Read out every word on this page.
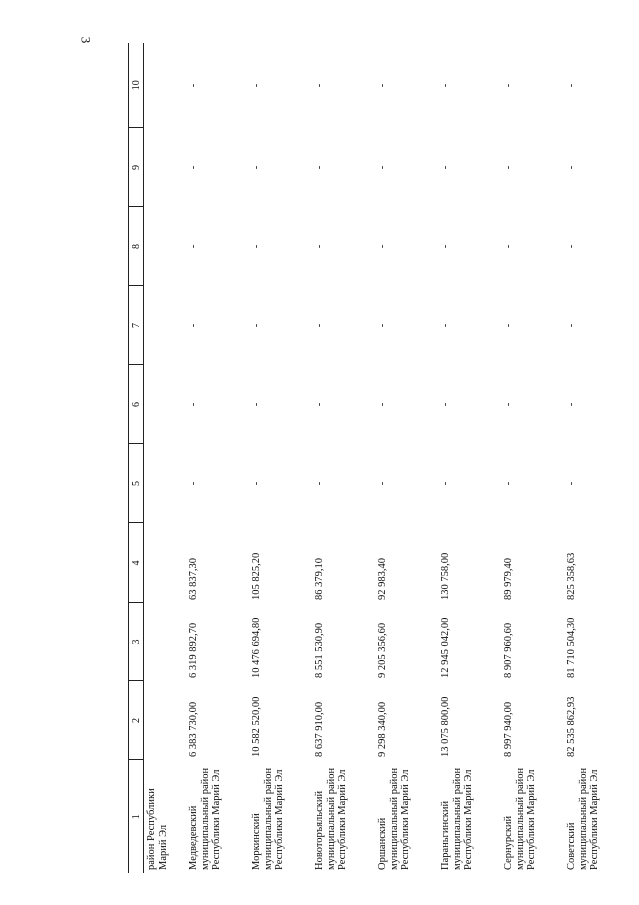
3
1	2	3	4	5	6	7	8	9	10
район Республики Марий Эл									
Медведевский муниципальный район Республики Марий Эл	6 383 730,00	6 319 892,70	63 837,30	-	-	-	-	-	-
Моркинский муниципальный район Республики Марий Эл	10 582 520,00	10 476 694,80	105 825,20	-	-	-	-	-	-
Новоторъяльский муниципальный район Республики Марий Эл	8 637 910,00	8 551 530,90	86 379,10	-	-	-	-	-	-
Оршанский муниципальный район Республики Марий Эл	9 298 340,00	9 205 356,60	92 983,40	-	-	-	-	-	-
Параньгинский муниципальный район Республики Марий Эл	13 075 800,00	12 945 042,00	130 758,00	-	-	-	-	-	-
Сернурский муниципальный район Республики Марий Эл	8 997 940,00	8 907 960,60	89 979,40	-	-	-	-	-	-
Советский муниципальный район Республики Марий Эл	82 535 862,93	81 710 504,30	825 358,63	-	-	-	-	-	-
